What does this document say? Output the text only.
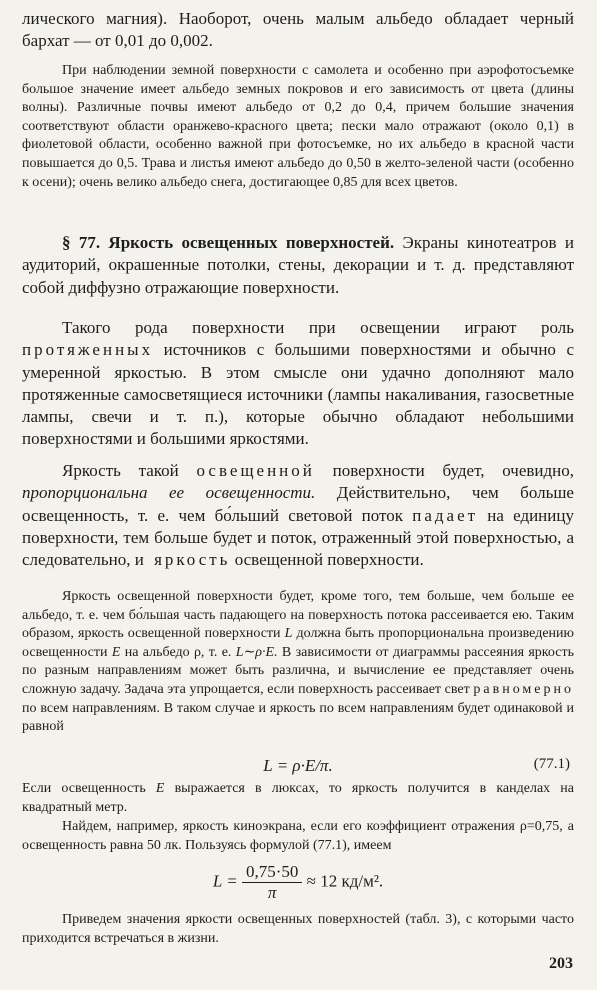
лического магния). Наоборот, очень малым альбедо обладает черный бархат — от 0,01 до 0,002.

При наблюдении земной поверхности с самолета и особенно при аэрофотосъемке большое значение имеет альбедо земных покровов и его зависимость от цвета (длины волны). Различные почвы имеют альбедо от 0,2 до 0,4, причем большие значения соответствуют области оранжево-красного цвета; пески мало отражают (около 0,1) в фиолетовой области, особенно важной при фотосъемке, но их альбедо в красной части повышается до 0,5. Трава и листья имеют альбедо до 0,50 в желто-зеленой части (особенно к осени); очень велико альбедо снега, достигающее 0,85 для всех цветов.

§ 77. Яркость освещенных поверхностей. Экраны кинотеатров и аудиторий, окрашенные потолки, стены, декорации и т. д. представляют собой диффузно отражающие поверхности.

Такого рода поверхности при освещении играют роль протяженных источников с большими поверхностями и обычно с умеренной яркостью. В этом смысле они удачно дополняют мало протяженные самосветящиеся источники (лампы накаливания, газосветные лампы, свечи и т. п.), которые обычно обладают небольшими поверхностями и большими яркостями.

Яркость такой освещенной поверхности будет, очевидно, пропорциональна ее освещенности. Действительно, чем больше освещенность, т. е. чем бо́льший световой поток падает на единицу поверхности, тем больше будет и поток, отраженный этой поверхностью, а следовательно, и яркость освещенной поверхности.

Яркость освещенной поверхности будет, кроме того, тем больше, чем больше ее альбедо, т. е. чем бо́льшая часть падающего на поверхность потока рассеивается ею. Таким образом, яркость освещенной поверхности L должна быть пропорциональна произведению освещенности E на альбедо ρ, т. е. L∼ρ·E. В зависимости от диаграммы рассеяния яркость по разным направлениям может быть различна, и вычисление ее представляет очень сложную задачу. Задача эта упрощается, если поверхность рассеивает свет равномерно по всем направлениям. В таком случае и яркость по всем направлениям будет одинаковой и равной

L = ρ·E/π.	(77.1)

Если освещенность E выражается в люксах, то яркость получится в канделах на квадратный метр.

Найдем, например, яркость киноэкрана, если его коэффициент отражения ρ=0,75, а освещенность равна 50 лк. Пользуясь формулой (77.1), имеем

$L = \frac{0,75\cdot 50}{\pi} \approx 12$ кд/м².

Приведем значения яркости освещенных поверхностей (табл. 3), с которыми часто приходится встречаться в жизни.

203
